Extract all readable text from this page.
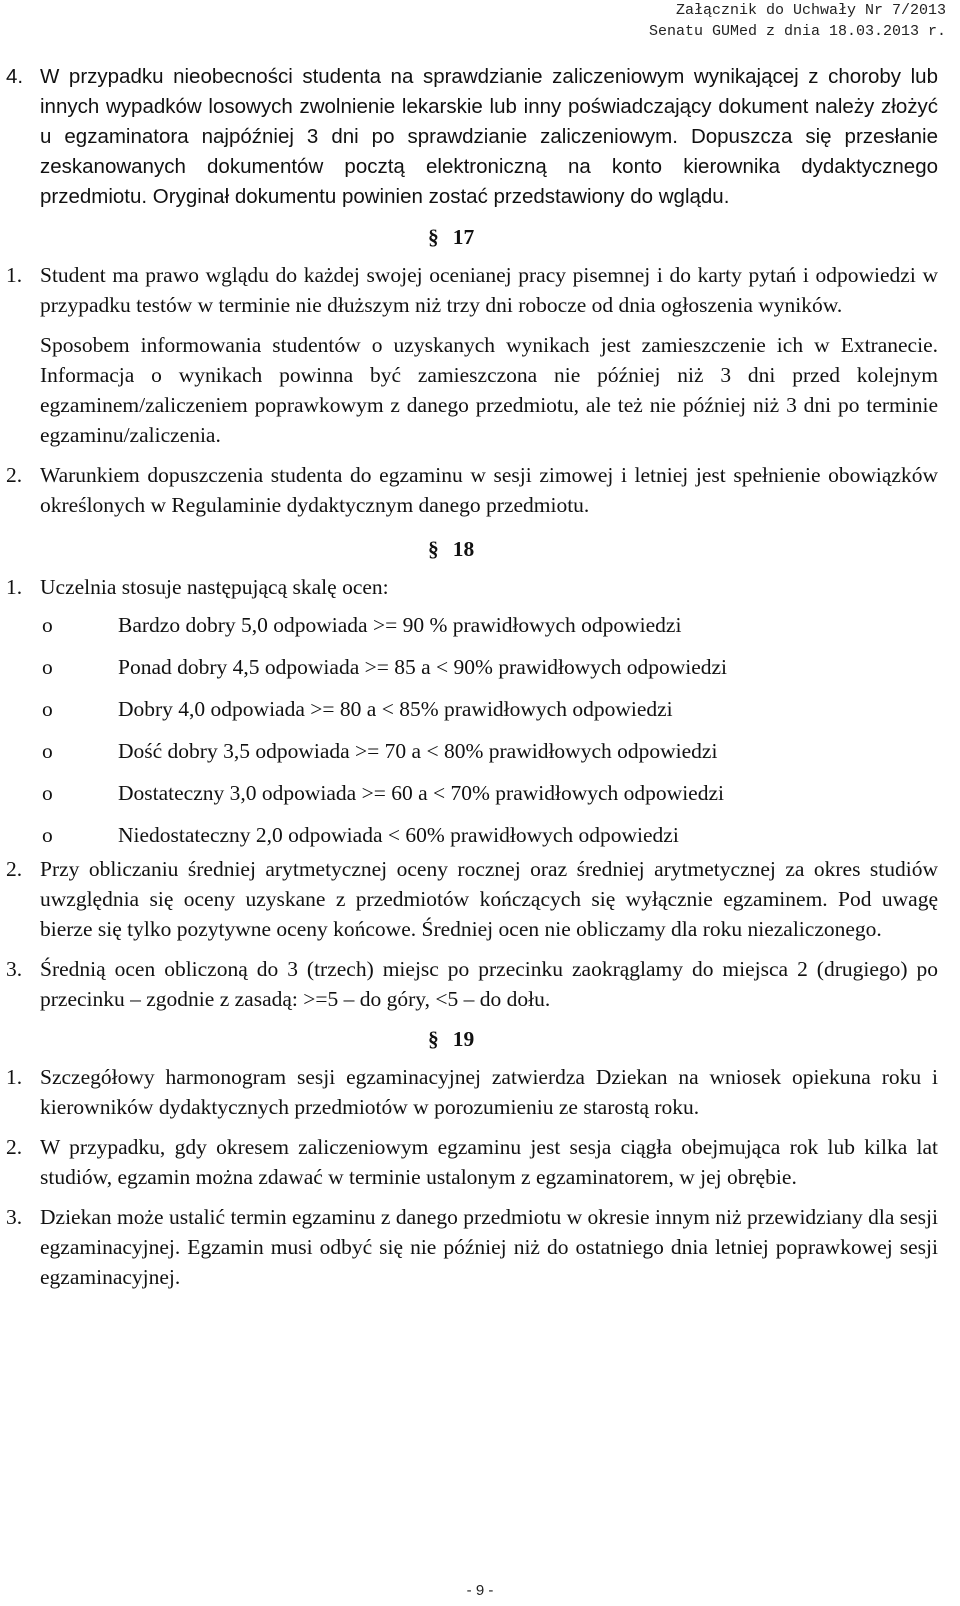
Załącznik do Uchwały Nr 7/2013
Senatu GUMed z dnia 18.03.2013 r.
4. W przypadku nieobecności studenta na sprawdzianie zaliczeniowym wynikającej z choroby lub innych wypadków losowych zwolnienie lekarskie lub inny poświadczający dokument należy złożyć u egzaminatora najpóźniej 3 dni po sprawdzianie zaliczeniowym. Dopuszcza się przesłanie zeskanowanych dokumentów pocztą elektroniczną na konto kierownika dydaktycznego przedmiotu. Oryginał dokumentu powinien zostać przedstawiony do wglądu.
§ 17
1. Student ma prawo wglądu do każdej swojej ocenianej pracy pisemnej i do karty pytań i odpowiedzi w przypadku testów w terminie nie dłuższym niż trzy dni robocze od dnia ogłoszenia wyników.
Sposobem informowania studentów o uzyskanych wynikach jest zamieszczenie ich w Extranecie. Informacja o wynikach powinna być zamieszczona nie później niż 3 dni przed kolejnym egzaminem/zaliczeniem poprawkowym z danego przedmiotu, ale też nie później niż 3 dni po terminie egzaminu/zaliczenia.
2. Warunkiem dopuszczenia studenta do egzaminu w sesji zimowej i letniej jest spełnienie obowiązków określonych w Regulaminie dydaktycznym danego przedmiotu.
§ 18
1. Uczelnia stosuje następującą skalę ocen:
o	Bardzo dobry 5,0 odpowiada >= 90 % prawidłowych odpowiedzi
o	Ponad dobry 4,5 odpowiada >= 85 a < 90% prawidłowych odpowiedzi
o	Dobry 4,0 odpowiada >= 80 a < 85% prawidłowych odpowiedzi
o	Dość dobry 3,5 odpowiada >= 70 a < 80% prawidłowych odpowiedzi
o	Dostateczny 3,0 odpowiada >= 60 a < 70% prawidłowych odpowiedzi
o	Niedostateczny 2,0 odpowiada < 60% prawidłowych odpowiedzi
2. Przy obliczaniu średniej arytmetycznej oceny rocznej oraz średniej arytmetycznej za okres studiów uwzględnia się oceny uzyskane z przedmiotów kończących się wyłącznie egzaminem. Pod uwagę bierze się tylko pozytywne oceny końcowe. Średniej ocen nie obliczamy dla roku niezaliczonego.
3. Średnią ocen obliczoną do 3 (trzech) miejsc po przecinku zaokrąglamy do miejsca 2 (drugiego) po przecinku – zgodnie z zasadą: >=5 – do góry, <5 – do dołu.
§ 19
1. Szczegółowy harmonogram sesji egzaminacyjnej zatwierdza Dziekan na wniosek opiekuna roku i kierowników dydaktycznych przedmiotów w porozumieniu ze starostą roku.
2. W przypadku, gdy okresem zaliczeniowym egzaminu jest sesja ciągła obejmująca rok lub kilka lat studiów, egzamin można zdawać w terminie ustalonym z egzaminatorem, w jej obrębie.
3. Dziekan może ustalić termin egzaminu z danego przedmiotu w okresie innym niż przewidziany dla sesji egzaminacyjnej. Egzamin musi odbyć się nie później niż do ostatniego dnia letniej poprawkowej sesji egzaminacyjnej.
- 9 -
